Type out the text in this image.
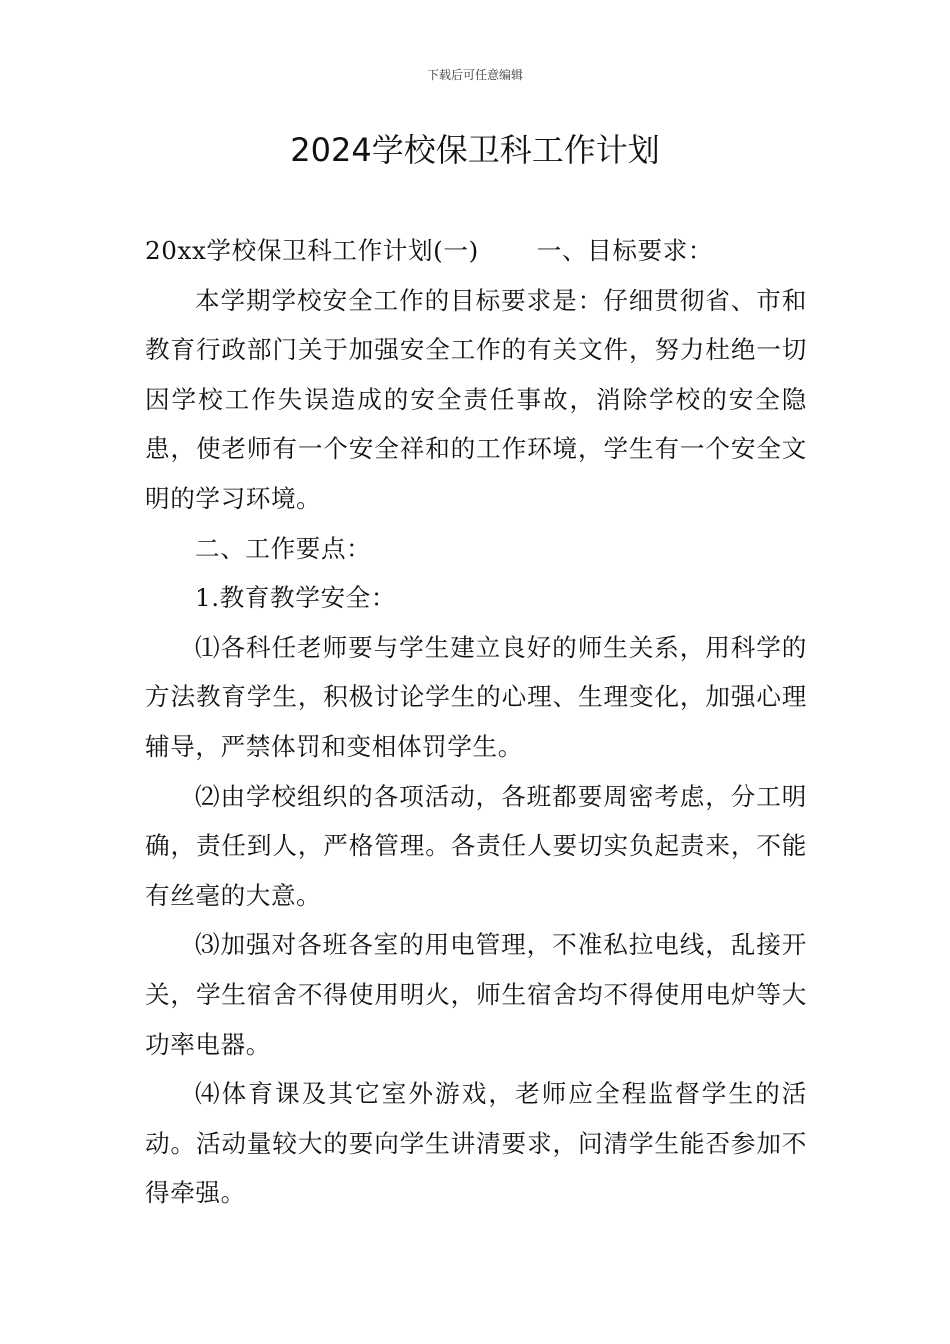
下载后可任意编辑
2024学校保卫科工作计划

20xx学校保卫科工作计划(一) 一、目标要求：

本学期学校安全工作的目标要求是：仔细贯彻省、市和教育行政部门关于加强安全工作的有关文件，努力杜绝一切因学校工作失误造成的安全责任事故，消除学校的安全隐患，使老师有一个安全祥和的工作环境，学生有一个安全文明的学习环境。

二、工作要点：

1.教育教学安全：

⑴各科任老师要与学生建立良好的师生关系，用科学的方法教育学生，积极讨论学生的心理、生理变化，加强心理辅导，严禁体罚和变相体罚学生。

⑵由学校组织的各项活动，各班都要周密考虑，分工明确，责任到人，严格管理。各责任人要切实负起责来，不能有丝毫的大意。

⑶加强对各班各室的用电管理，不准私拉电线，乱接开关，学生宿舍不得使用明火，师生宿舍均不得使用电炉等大功率电器。

⑷体育课及其它室外游戏，老师应全程监督学生的活动。活动量较大的要向学生讲清要求，问清学生能否参加不得牵强。
